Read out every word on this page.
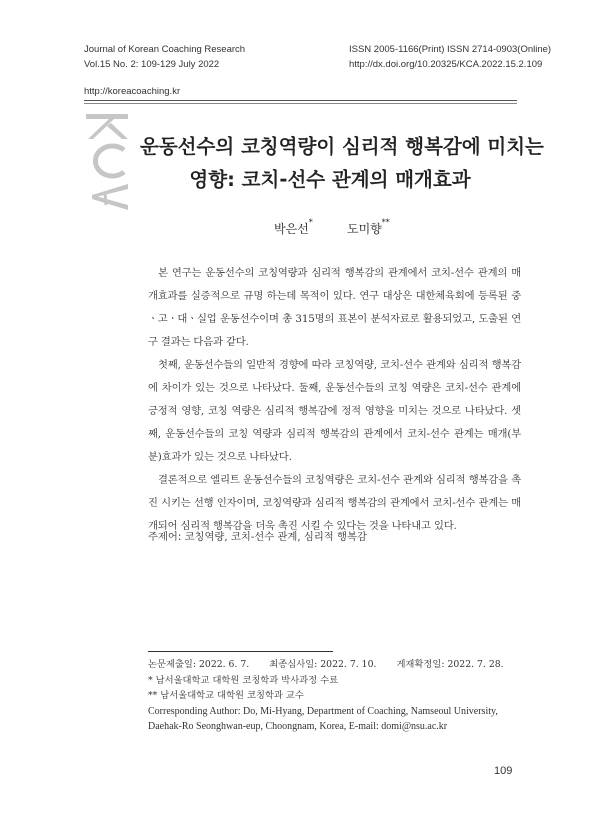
Journal of Korean Coaching Research
Vol.15 No. 2: 109-129 July 2022
ISSN 2005-1166(Print) ISSN 2714-0903(Online)
http://dx.doi.org/10.20325/KCA.2022.15.2.109
http://koreacoaching.kr
운동선수의 코칭역량이 심리적 행복감에 미치는
영향: 코치-선수 관계의 매개효과
박은선*	도미향**

본 연구는 운동선수의 코칭역량과 심리적 행복감의 관계에서 코치-선수 관계의 매개효과를 실증적으로 규명 하는데 목적이 있다. 연구 대상은 대한체육회에 등록된 중ㆍ고ㆍ대ㆍ실업 운동선수이며 총 315명의 표본이 분석자료로 활용되었고, 도출된 연구 결과는 다음과 같다.

첫째, 운동선수들의 일반적 경향에 따라 코칭역량, 코치-선수 관계와 심리적 행복감에 차이가 있는 것으로 나타났다. 둘째, 운동선수들의 코칭 역량은 코치-선수 관계에 긍정적 영향, 코칭 역량은 심리적 행복감에 정적 영향을 미치는 것으로 나타났다. 셋째, 운동선수들의 코칭 역량과 심리적 행복감의 관계에서 코치-선수 관계는 매개(부분)효과가 있는 것으로 나타났다.

결론적으로 엘리트 운동선수들의 코칭역량은 코치-선수 관계와 심리적 행복감을 촉진 시키는 선행 인자이며, 코칭역량과 심리적 행복감의 관계에서 코치-선수 관계는 매개되어 심리적 행복감을 더욱 촉진 시킬 수 있다는 것을 나타내고 있다.

주제어: 코칭역량, 코치-선수 관계, 심리적 행복감
논문제출일: 2022. 6. 7. 최종심사일: 2022. 7. 10. 게재확정일: 2022. 7. 28.
* 남서울대학교 대학원 코칭학과 박사과정 수료
** 남서울대학교 대학원 코칭학과 교수
Corresponding Author: Do, Mi-Hyang, Department of Coaching, Namseoul University,
Daehak-Ro Seonghwan-eup, Choongnam, Korea, E-mail: domi@nsu.ac.kr
109
